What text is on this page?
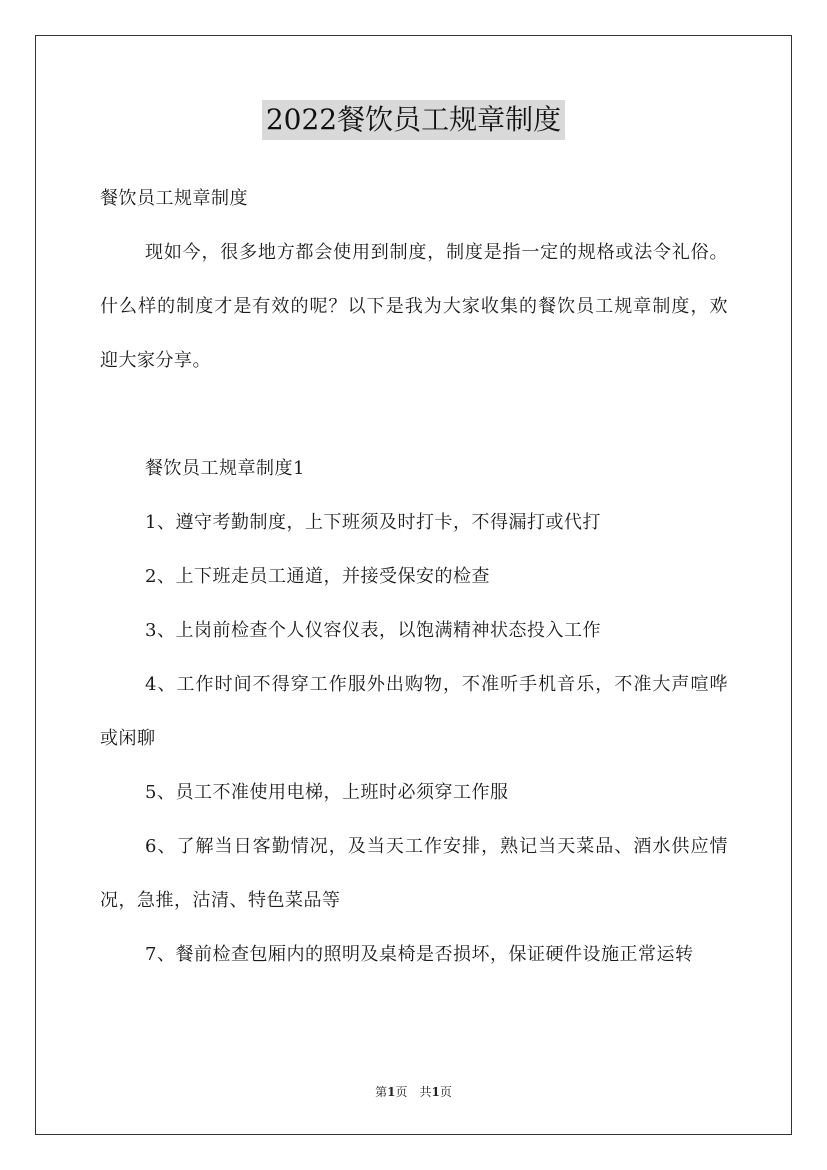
2022餐饮员工规章制度

餐饮员工规章制度

现如今，很多地方都会使用到制度，制度是指一定的规格或法令礼俗。什么样的制度才是有效的呢？以下是我为大家收集的餐饮员工规章制度，欢迎大家分享。

餐饮员工规章制度1

1、遵守考勤制度，上下班须及时打卡，不得漏打或代打

2、上下班走员工通道，并接受保安的检查

3、上岗前检查个人仪容仪表，以饱满精神状态投入工作

4、工作时间不得穿工作服外出购物，不准听手机音乐，不准大声喧哗或闲聊

5、员工不准使用电梯，上班时必须穿工作服

6、了解当日客勤情况，及当天工作安排，熟记当天菜品、酒水供应情况，急推，沽清、特色菜品等

7、餐前检查包厢内的照明及桌椅是否损坏，保证硬件设施正常运转

第1页 共1页
